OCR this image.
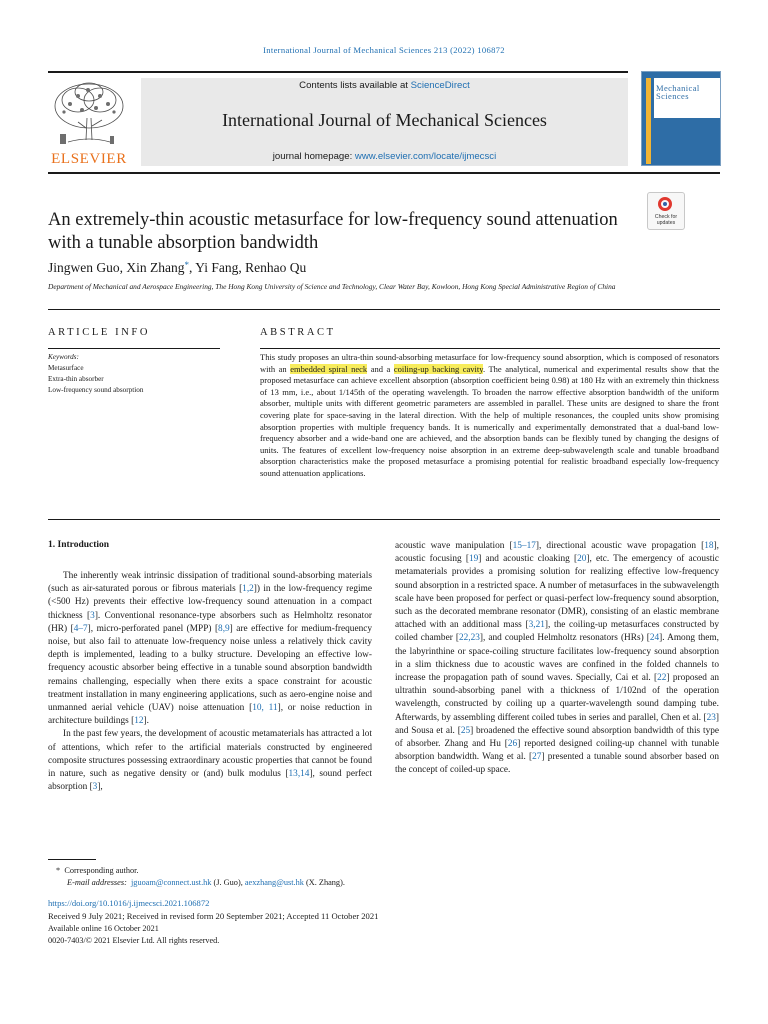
International Journal of Mechanical Sciences 213 (2022) 106872
ELSEVIER
Contents lists available at ScienceDirect
International Journal of Mechanical Sciences
journal homepage: www.elsevier.com/locate/ijmecsci
Mechanical
Sciences
An extremely-thin acoustic metasurface for low-frequency sound attenuation with a tunable absorption bandwidth
Check for updates
Jingwen Guo, Xin Zhang*, Yi Fang, Renhao Qu
Department of Mechanical and Aerospace Engineering, The Hong Kong University of Science and Technology, Clear Water Bay, Kowloon, Hong Kong Special Administrative Region of China
ARTICLE INFO
Keywords:
Metasurface
Extra-thin absorber
Low-frequency sound absorption
ABSTRACT
This study proposes an ultra-thin sound-absorbing metasurface for low-frequency sound absorption, which is composed of resonators with an embedded spiral neck and a coiling-up backing cavity. The analytical, numerical and experimental results show that the proposed metasurface can achieve excellent absorption (absorption coefficient being 0.98) at 180 Hz with an extremely thin thickness of 13 mm, i.e., about 1/145th of the operating wavelength. To broaden the narrow effective absorption bandwidth of the uniform absorber, multiple units with different geometric parameters are assembled in parallel. These units are designed to share the front covering plate for space-saving in the lateral direction. With the help of multiple resonances, the coupled units show promising absorption properties with multiple frequency bands. It is numerically and experimentally demonstrated that a dual-band low-frequency absorber and a wide-band one are achieved, and the absorption bands can be flexibly tuned by changing the designs of units. The features of excellent low-frequency noise absorption in an extreme deep-subwavelength scale and tunable broadband absorption characteristics make the proposed metasurface a promising potential for realistic broadband especially low-frequency sound attenuation applications.
1. Introduction

The inherently weak intrinsic dissipation of traditional sound-absorbing materials (such as air-saturated porous or fibrous materials [1,2]) in the low-frequency regime (<500 Hz) prevents their effective low-frequency sound attenuation in a compact thickness [3]. Conventional resonance-type absorbers such as Helmholtz resonator (HR) [4–7], micro-perforated panel (MPP) [8,9] are effective for medium-frequency noise, but also fail to attenuate low-frequency noise unless a relatively thick cavity depth is implemented, leading to a bulky structure. Developing an effective low-frequency acoustic absorber being effective in a tunable sound absorption bandwidth remains challenging, especially when there exits a space constraint for acoustic treatment installation in many engineering applications, such as aero-engine noise and unmanned aerial vehicle (UAV) noise attenuation [10, 11], or noise reduction in architecture buildings [12].

In the past few years, the development of acoustic metamaterials has attracted a lot of attentions, which refer to the artificial materials constructed by engineered composite structures possessing extraordinary acoustic properties that cannot be found in nature, such as negative density or (and) bulk modulus [13,14], sound perfect absorption [3],

acoustic wave manipulation [15–17], directional acoustic wave propagation [18], acoustic focusing [19] and acoustic cloaking [20], etc. The emergency of acoustic metamaterials provides a promising solution for realizing effective low-frequency sound absorption in a restricted space. A number of metasurfaces in the subwavelength scale have been proposed for perfect or quasi-perfect low-frequency sound absorption, such as the decorated membrane resonator (DMR), consisting of an elastic membrane attached with an additional mass [3,21], the coiling-up metasurfaces constructed by coiled chamber [22,23], and coupled Helmholtz resonators (HRs) [24]. Among them, the labyrinthine or space-coiling structure facilitates low-frequency sound absorption in a slim thickness due to acoustic waves are confined in the folded channels to increase the propagation path of sound waves. Specially, Cai et al. [22] proposed an ultrathin sound-absorbing panel with a thickness of 1/102nd of the operation wavelength, constructed by coiling up a quarter-wavelength sound damping tube. Afterwards, by assembling different coiled tubes in series and parallel, Chen et al. [23] and Sousa et al. [25] broadened the effective sound absorption bandwidth of this type of absorber. Zhang and Hu [26] reported designed coiling-up channel with tunable absorption bandwidth. Wang et al. [27] presented a tunable sound absorber based on the concept of coiled-up space.

* Corresponding author.
E-mail addresses: jguoam@connect.ust.hk (J. Guo), aexzhang@ust.hk (X. Zhang).
https://doi.org/10.1016/j.ijmecsci.2021.106872
Received 9 July 2021; Received in revised form 20 September 2021; Accepted 11 October 2021
Available online 16 October 2021
0020-7403/© 2021 Elsevier Ltd. All rights reserved.
